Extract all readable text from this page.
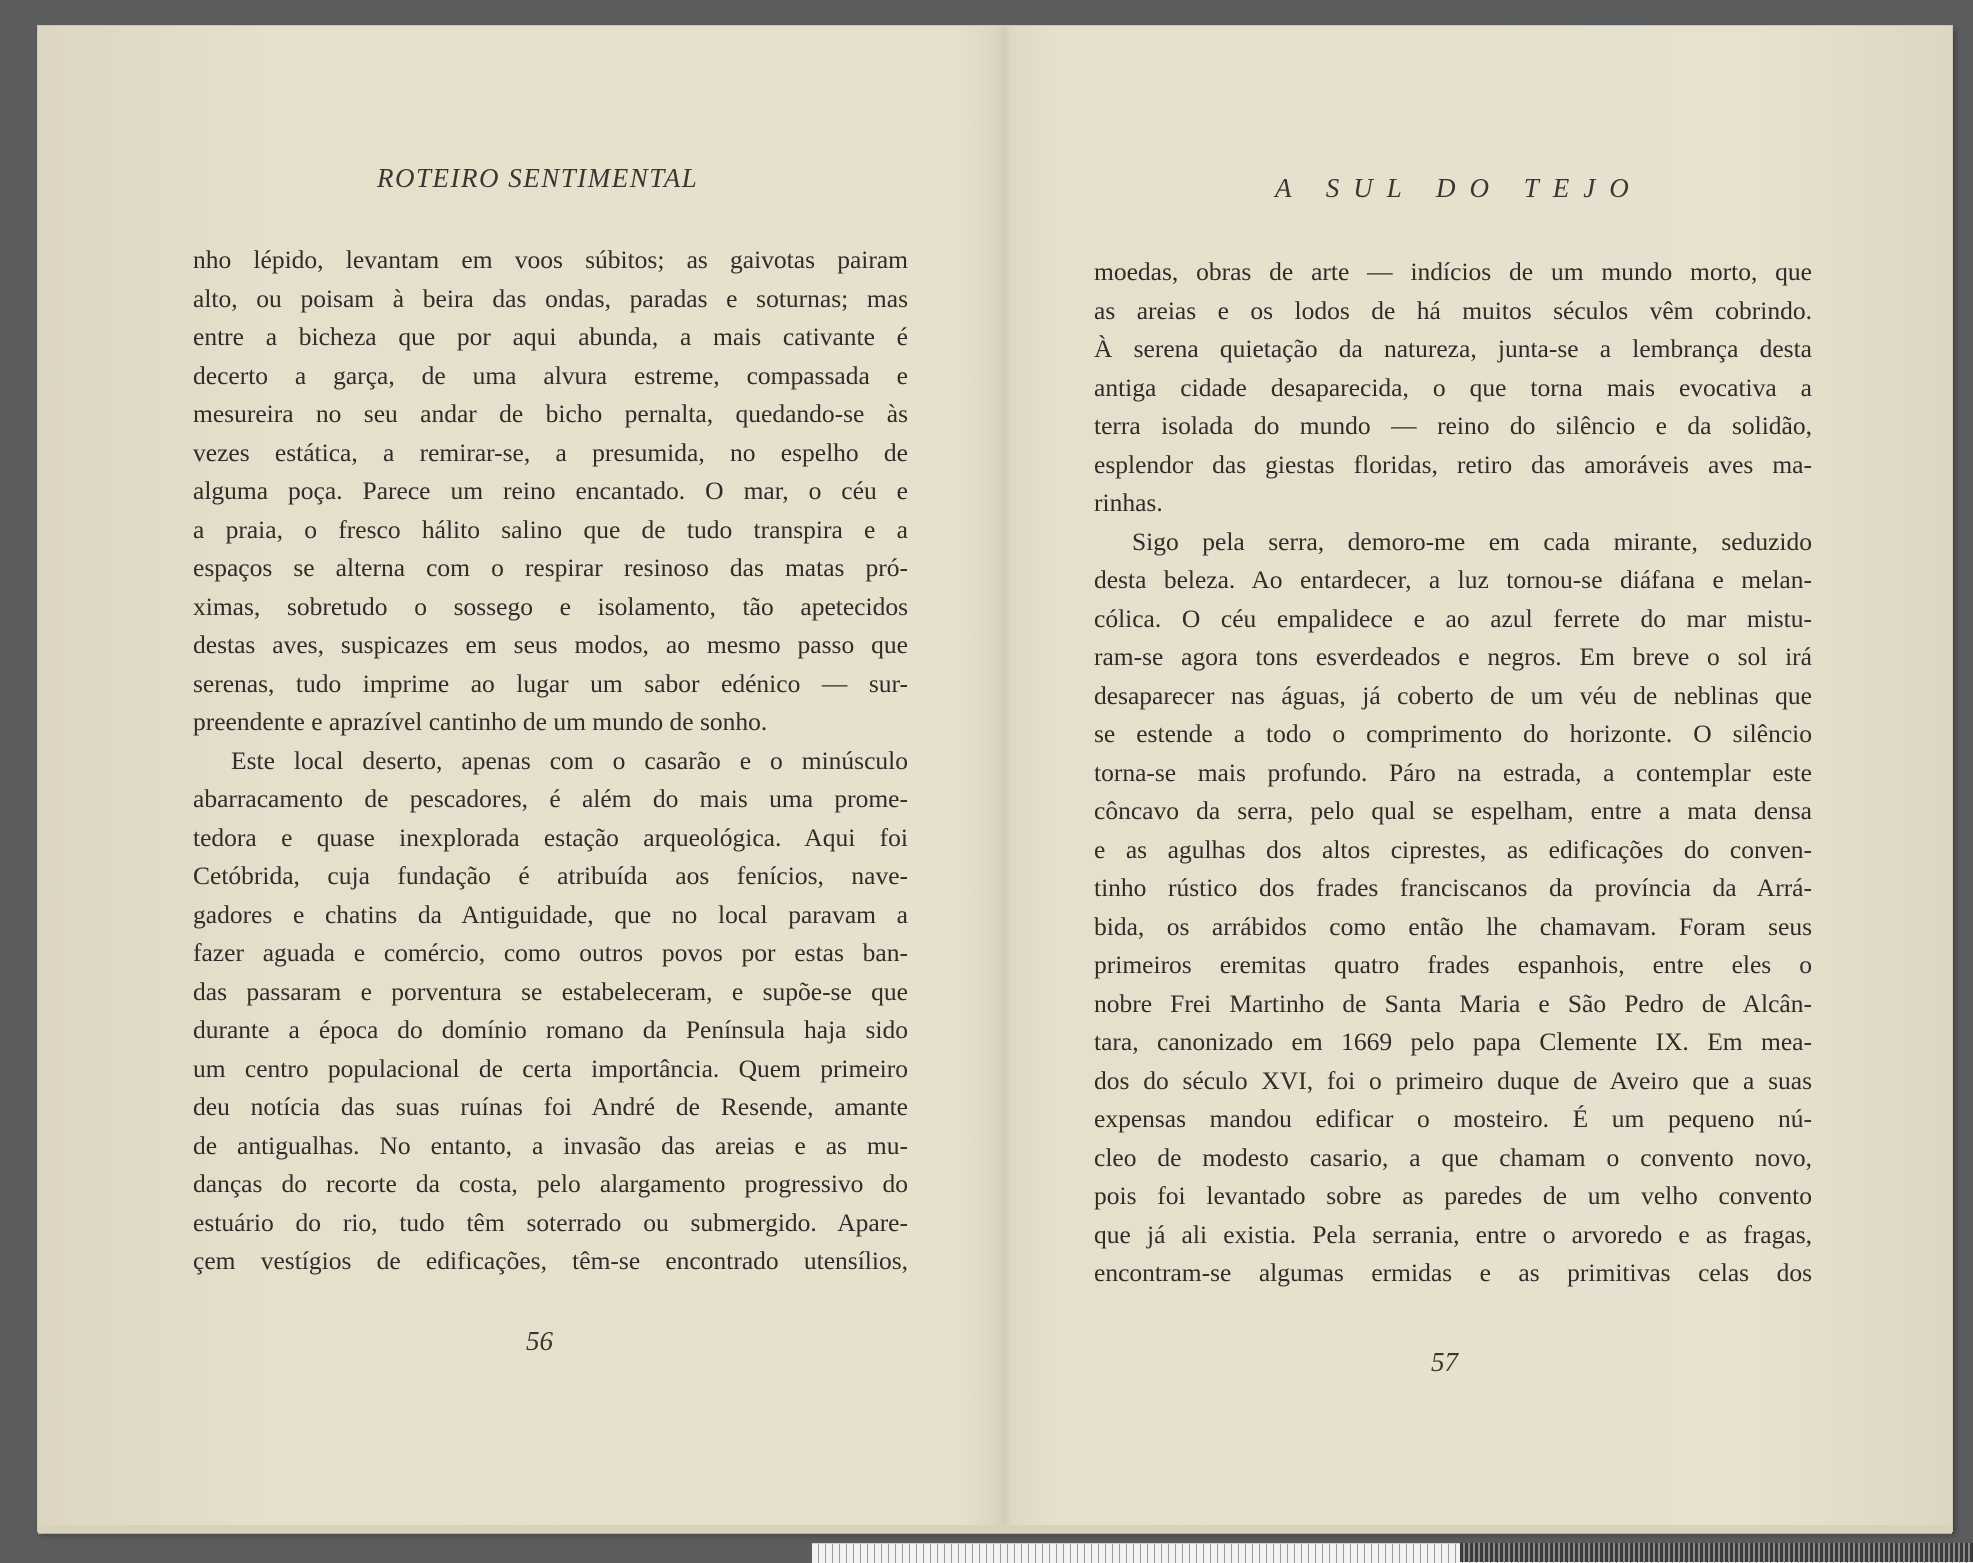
ROTEIRO SENTIMENTAL	A SUL DO TEJO
nho lépido, levantam em voos súbitos; as gaivotas pairam
alto, ou poisam à beira das ondas, paradas e soturnas; mas
entre a bicheza que por aqui abunda, a mais cativante é
decerto a garça, de uma alvura estreme, compassada e
mesureira no seu andar de bicho pernalta, quedando-se às
vezes estática, a remirar-se, a presumida, no espelho de
alguma poça. Parece um reino encantado. O mar, o céu e
a praia, o fresco hálito salino que de tudo transpira e a
espaços se alterna com o respirar resinoso das matas pró-
ximas, sobretudo o sossego e isolamento, tão apetecidos
destas aves, suspicazes em seus modos, ao mesmo passo que
serenas, tudo imprime ao lugar um sabor edénico — sur-
preendente e aprazível cantinho de um mundo de sonho.
Este local deserto, apenas com o casarão e o minúsculo
abarracamento de pescadores, é além do mais uma prome-
tedora e quase inexplorada estação arqueológica. Aqui foi
Cetóbrida, cuja fundação é atribuída aos fenícios, nave-
gadores e chatins da Antiguidade, que no local paravam a
fazer aguada e comércio, como outros povos por estas ban-
das passaram e porventura se estabeleceram, e supõe-se que
durante a época do domínio romano da Península haja sido
um centro populacional de certa importância. Quem primeiro
deu notícia das suas ruínas foi André de Resende, amante
de antigualhas. No entanto, a invasão das areias e as mu-
danças do recorte da costa, pelo alargamento progressivo do
estuário do rio, tudo têm soterrado ou submergido. Apare-
çem vestígios de edificações, têm-se encontrado utensílios,
moedas, obras de arte — indícios de um mundo morto, que
as areias e os lodos de há muitos séculos vêm cobrindo.
À serena quietação da natureza, junta-se a lembrança desta
antiga cidade desaparecida, o que torna mais evocativa a
terra isolada do mundo — reino do silêncio e da solidão,
esplendor das giestas floridas, retiro das amoráveis aves ma-
rinhas.
Sigo pela serra, demoro-me em cada mirante, seduzido
desta beleza. Ao entardecer, a luz tornou-se diáfana e melan-
cólica. O céu empalidece e ao azul ferrete do mar mistu-
ram-se agora tons esverdeados e negros. Em breve o sol irá
desaparecer nas águas, já coberto de um véu de neblinas que
se estende a todo o comprimento do horizonte. O silêncio
torna-se mais profundo. Páro na estrada, a contemplar este
côncavo da serra, pelo qual se espelham, entre a mata densa
e as agulhas dos altos ciprestes, as edificações do conven-
tinho rústico dos frades franciscanos da província da Arrá-
bida, os arrábidos como então lhe chamavam. Foram seus
primeiros eremitas quatro frades espanhois, entre eles o
nobre Frei Martinho de Santa Maria e São Pedro de Alcân-
tara, canonizado em 1669 pelo papa Clemente IX. Em mea-
dos do século XVI, foi o primeiro duque de Aveiro que a suas
expensas mandou edificar o mosteiro. É um pequeno nú-
cleo de modesto casario, a que chamam o convento novo,
pois foi levantado sobre as paredes de um velho convento
que já ali existia. Pela serrania, entre o arvoredo e as fragas,
encontram-se algumas ermidas e as primitivas celas dos
56
57
